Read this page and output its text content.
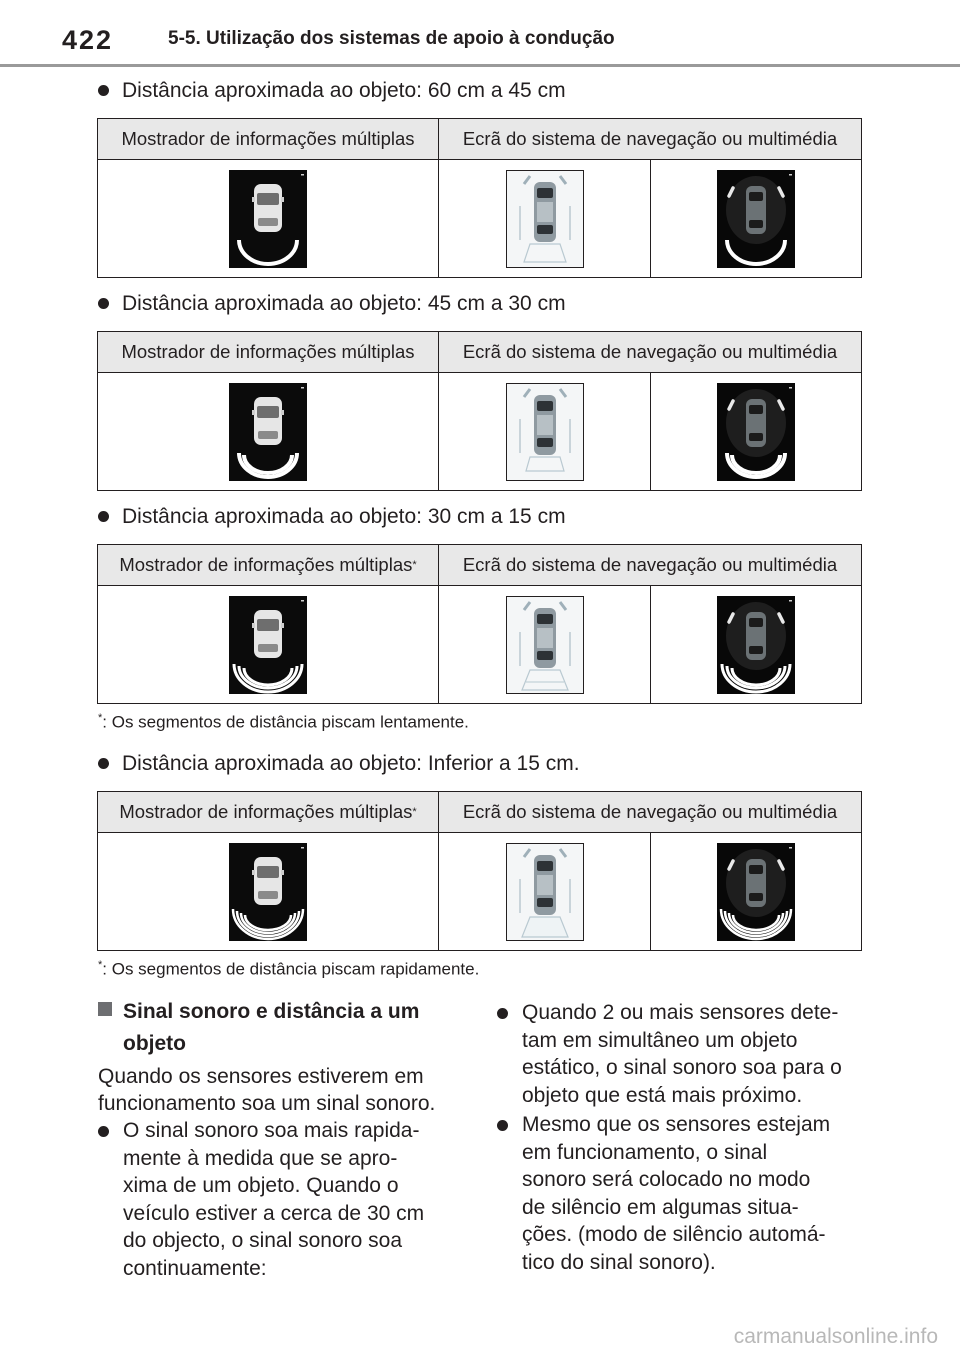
422	5-5. Utilização dos sistemas de apoio à condução
Distância aproximada ao objeto: 60 cm a 45 cm
Mostrador de informações múltiplas	Ecrã do sistema de navegação ou multimédia
Distância aproximada ao objeto: 45 cm a 30 cm
Mostrador de informações múltiplas	Ecrã do sistema de navegação ou multimédia
Distância aproximada ao objeto: 30 cm a 15 cm
Mostrador de informações múltiplas *	Ecrã do sistema de navegação ou multimédia
*: Os segmentos de distância piscam lentamente.
Distância aproximada ao objeto: Inferior a 15 cm.
Mostrador de informações múltiplas *	Ecrã do sistema de navegação ou multimédia
*: Os segmentos de distância piscam rapidamente.
Sinal sonoro e distância a um
objeto
Quando os sensores estiverem em
funcionamento soa um sinal sonoro.
O sinal sonoro soa mais rapida-
mente à medida que se apro-
xima de um objeto. Quando o
veículo estiver a cerca de 30 cm
do objecto, o sinal sonoro soa
continuamente:
Quando 2 ou mais sensores dete-
tam em simultâneo um objeto
estático, o sinal sonoro soa para o
objeto que está mais próximo.
Mesmo que os sensores estejam
em funcionamento, o sinal
sonoro será colocado no modo
de silêncio em algumas situa-
ções. (modo de silêncio automá-
tico do sinal sonoro).
carmanualsonline.info
